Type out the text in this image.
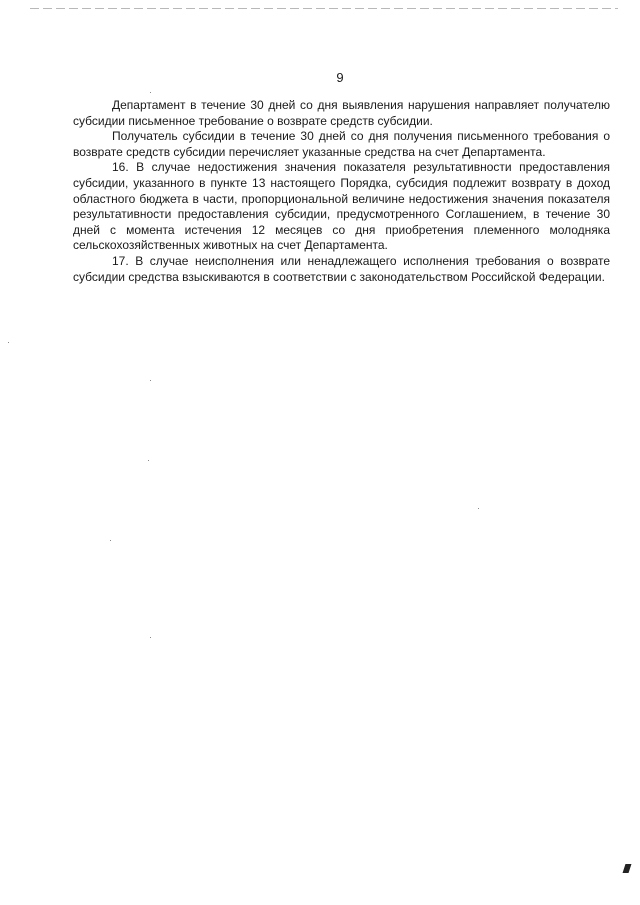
9

Департамент в течение 30 дней со дня выявления нарушения направляет получателю субсидии письменное требование о возврате средств субсидии.

Получатель субсидии в течение 30 дней со дня получения письменного требования о возврате средств субсидии перечисляет указанные средства на счет Департамента.

16. В случае недостижения значения показателя результативности предоставления субсидии, указанного в пункте 13 настоящего Порядка, субсидия подлежит возврату в доход областного бюджета в части, пропорциональной величине недостижения значения показателя результативности предоставления субсидии, предусмотренного Соглашением, в течение 30 дней с момента истечения 12 месяцев со дня приобретения племенного молодняка сельскохозяйственных животных на счет Департамента.

17. В случае неисполнения или ненадлежащего исполнения требования о возврате субсидии средства взыскиваются в соответствии с законодательством Российской Федерации.
